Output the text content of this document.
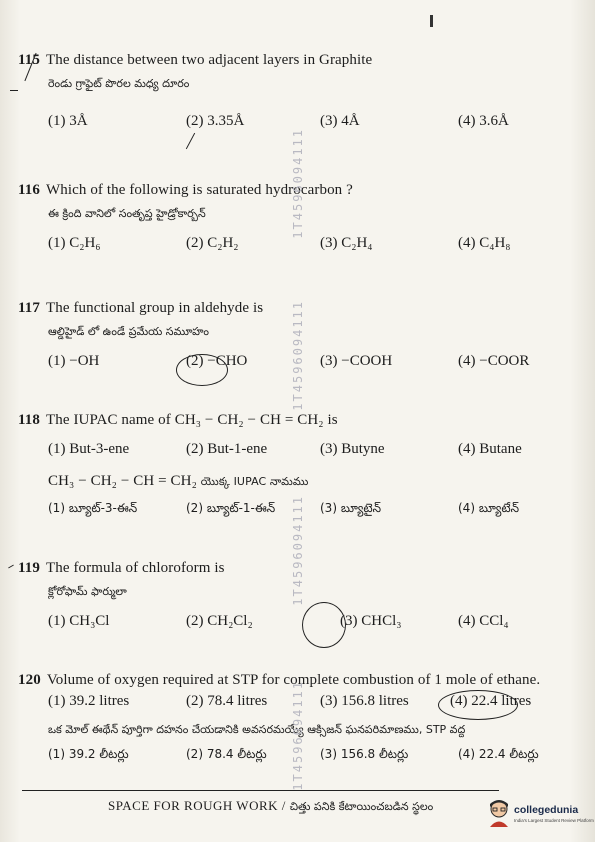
115 The distance between two adjacent layers in Graphite
రెండు గ్రాఫైట్ పొరల మధ్య దూరం
(1) 3Å	(2) 3.35Å	(3) 4Å	(4) 3.6Å
116 Which of the following is saturated hydrocarbon ?
ఈ క్రింది వానిలో సంతృప్త హైడ్రోకార్బన్
(1) C₂H₆	(2) C₂H₂	(3) C₂H₄	(4) C₄H₈
117 The functional group in aldehyde is
ఆల్డిహైడ్ లో ఉండే ప్రమేయ సమూహం
(1) −OH	(2) −CHO	(3) −COOH	(4) −COOR
118 The IUPAC name of CH₃ − CH₂ − CH = CH₂ is
(1) But-3-ene	(2) But-1-ene	(3) Butyne	(4) Butane
CH₃ − CH₂ − CH = CH₂ యొక్క IUPAC నామము
(1) బ్యూట్-3-ఈన్	(2) బ్యూట్-1-ఈన్	(3) బ్యూటైన్	(4) బ్యూటేన్
119 The formula of chloroform is
క్లోరోఫామ్ ఫార్ములా
(1) CH₃Cl	(2) CH₂Cl₂	(3) CHCl₃	(4) CCl₄
120 Volume of oxygen required at STP for complete combustion of 1 mole of ethane.
(1) 39.2 litres	(2) 78.4 litres	(3) 156.8 litres	(4) 22.4 litres
ఒక మోల్ ఈథేన్ పూర్తిగా దహనం చేయడానికి అవసరమయ్యే ఆక్సిజన్ ఘనపరిమాణము, STP వద్ద
(1) 39.2 లీటర్లు	(2) 78.4 లీటర్లు	(3) 156.8 లీటర్లు	(4) 22.4 లీటర్లు
1T4596094111
1T4596094111
1T4596094111
1T4596094111
SPACE FOR ROUGH WORK / చిత్తు పనికి కేటాయించబడిన స్థలం	collegedunia
India's Largest Student Review Platform
